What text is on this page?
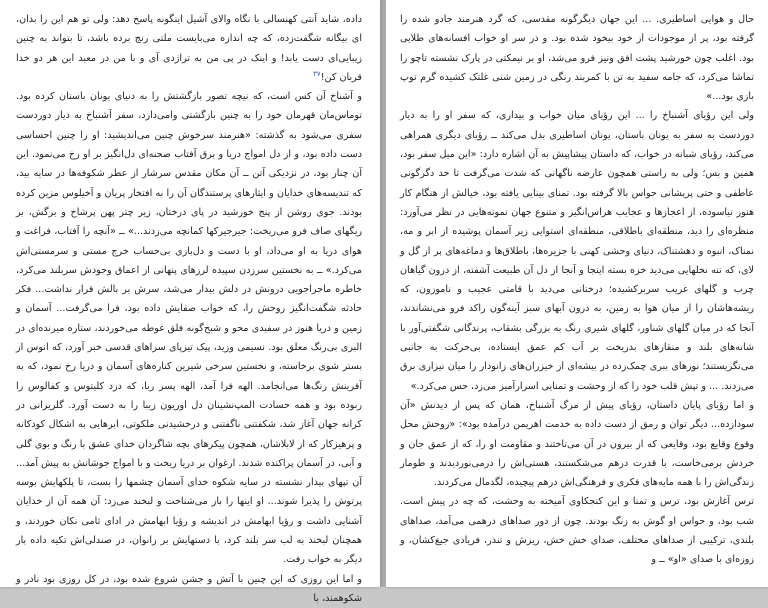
حال و هوایی اساطیری. ... این جهان دیگرگونه مقدسی، که گرد هنرمند جادو شده را گرفته بود، پر از موجودات از خود بیخود شده بود. و در سر او خواب افسانه‌های طلایی بود. اغلب چون خورشید پشت افق ونیز فرو می‌شد، او بر نیمکتی در پارک نشسته تاچو را تماشا می‌کرد، که جامه سفید به تن با کمربند رنگی در زمین شنی غلتک کشیده گرم توپ بازی بود...»

ولی این رؤیای آشنباخ را ... این رؤیای میان خواب و بیداری، که سفر او را به دیار دوردست به سفر به یونان باستان، یونان اساطیری بدل می‌کند ــ رؤیای دیگری همراهی می‌کند، رؤیای شبانه در خواب، که داستان پیشاپیش به آن اشاره دارد: «این میل سفر بود، همین و بس؛ ولی به راستی همچون عارضه ناگهانی که شدت می‌گرفت تا حد دگرگونی عاطفی و حتی پریشانی حواس بالا گرفته بود. تمنای بینایی یافته بود، خیالش از هنگام کار هنوز نیاسوده، از اعجازها و عجایب هراس‌انگیز و متنوع جهان نمونه‌هایی در نظر می‌آورد: منظره‌ای را دید، منطقه‌ای باطلاقی، منطقه‌ای استوایی زیر آسمان پوشیده از ابر و مه، نمناک، انبوه و دهشتناک، دنیای وحشی کهنی با جزیره‌ها، باطلاق‌ها و دماغه‌های پر از گل و لای، که تنه نخلهایی می‌دید خزه بسته اینجا و آنجا از دل آن طبیعت آشفته، از درون گیاهان چرب و گلهای غریب سربرکشیده؛ درختانی می‌دید با قامتی عجیب و ناموزون، که ریشه‌هاشان را از میان هوا به زمین، به درون آبهای سبز آینه‌گون راکد فرو می‌نشاندند، آنجا که در میان گلهای شناور، گلهای شیری رنگ به بزرگی بشقاب، پرندگانی شگفتی‌آور با شانه‌های بلند و منقارهای بدریخت بر آب کم عمق ایستاده، بی‌حرکت به جانبی می‌نگریستند؛ نورهای ببری چمک‌زده در بیشه‌ای از خیزران‌های زانودار را میان نیزاری برق می‌زدند. ... و تپش قلب خود را که از وحشت و تمنایی اسرارآمیز می‌زد، حس می‌کرد.»

و اما رؤیای پایان داستان، رؤیای پیش از مرگ آشنباخ، همان که پس از دیدنش «آن سودازده... دیگر توان و رمق از دست داده به خدمت اهریمن درآمده بود»: «روحش محل وقوع وقایع بود، وقایعی که از بیرون در آن می‌تاختند و مقاومت او را، که از عمق جان و خردش برمی‌خاست، با قدرت درهم می‌شکستند، هستی‌اش را درمی‌نوردیدند و طومار زندگی‌اش را با همه مایه‌های فکری و فرهنگی‌اش درهم پیچیده، لگدمال می‌کردند.

ترس آغازش بود، ترس و تمنا و این کنجکاوی آمیخته به وحشت، که چه در پیش است. شب بود، و حواس او گوش به زنگ بودند. چون از دور صداهای درهمی می‌آمد، صداهای بلندی، ترکیبی از صداهای مختلف، صدای خش خش، ریزش و تندر، فریادی جیغ‌کشان، و زوزه‌ای با صدای «او» ــ و

داده، شاید آنتی کهنسالی با نگاه والای آشیل اینگونه پاسخ دهد: ولی تو هم این را بدان، ای بیگانه شگفت‌زده، که چه اندازه می‌بایست ملتی رنج برده باشد، تا بتواند به چنین زیبایی‌ای دست یابد! و اینک در پی من به تراژدی آی و با من در معبد این هر دو خدا قربان کن!$^{۳۷}$

و آشناخ آن کس است، که نیچه تصور بازگشتش را به دنیای یونان باستان کرده بود. توماس‌مان قهرمان خود را به چنین بازگشتی وامی‌دارد، سفر آشنباخ به دیار دوردست سفری می‌شود به گذشته: «هنرمند سرخوش چنین می‌اندیشید: او را چنین احساسی دست داده بود، و از دل امواج دریا و برق آفتاب صحنه‌ای دل‌انگیز بر او رخ می‌نمود. این آن چنار بود، در نزدیکی آتن ــ آن مکان مقدس سرشار از عطر شکوفه‌ها در سایه بید، که تندیسه‌های خدایان و ایثارهای پرستندگان آن را به افتخار پریان و آخیلوس مزین کرده بودند. جوی روشن از پنج خورشید در پای درختان، زیر چتر پهن پرشاخ و برگش، بر ریگهای صاف فرو می‌ریخت: جیرجیرکها کمانچه می‌زدند...» ــ «آنچه را آفتاب، فراغت و هوای دریا به او می‌داد، او با دست و دل‌بازی بی‌حساب خرج مستی و سرمستی‌اش می‌کرد.» ــ به نخستین سرزدن سپیده لرزهای پنهانی از اعماق وجودش سربلند می‌کرد، خاطره ماجراجویی درونش در دلش بیدار می‌شد، سرش بر بالش قرار نداشت... فکر حادثه شگفت‌انگیز روحش را، که خواب صفایش داده بود، فرا می‌گرفت... آسمان و زمین و دریا هنوز در سفیدی محو و شبح‌گونه فلق غوطه می‌خوردند، ستاره میرنده‌ای در البری بی‌رنگ معلق بود. نسیمی وزید، پیک تیزپای سراهای قدسی خبر آورد، که انوس از بستر شوی برخاسته، و نخستین سرخی شیرین کناره‌های آسمان و دریا رخ نمود، که به آفرینش رنگ‌ها می‌انجامد. الهه فرا آمد، الهه پسر ربا، که دزد کلیتوس و کفالوس را ربوده بود و همه حسادت المپ‌نشینان دل اوریون زیبا را به دست آورد. گلریزانی در کرانه جهان آغاز شد، شکفتنی ناگفتنی و درخشیدنی ملکوتی، ابرهایی به اشکال کودکانه و پرهیزکار که از لابلاشان، همچون پیکرهای بچه شاگردان خدای عشق با رنگ و بوی گلی و آبی، در آسمان پراکنده شدند. ارغوان بر دریا ریخت و با امواج جوشانش به پیش آمد... آن تپهای بیدار نشسته در سایه شکوه خدای آسمان چشمها را بست، تا پلکهایش بوسه پرتوش را پذیرا شوند... او اینها را باز می‌شناخت و لبخند می‌زد: آن همه آن از خدایان آشنایی داشت و رؤیا ابهامش در اندیشه و رؤیا ابهامش در ادای ثامی نکان خوردند، و همچنان لبخند به لب سر بلند کرد، با دستهایش بر زانوان، در صندلی‌اش تکیه داده بار دیگر به خواب رفت.

و اما این روزی که این چنین با آتش و جشن شروع شده بود، در کل روزی بود نادر و شکوهمند، با
